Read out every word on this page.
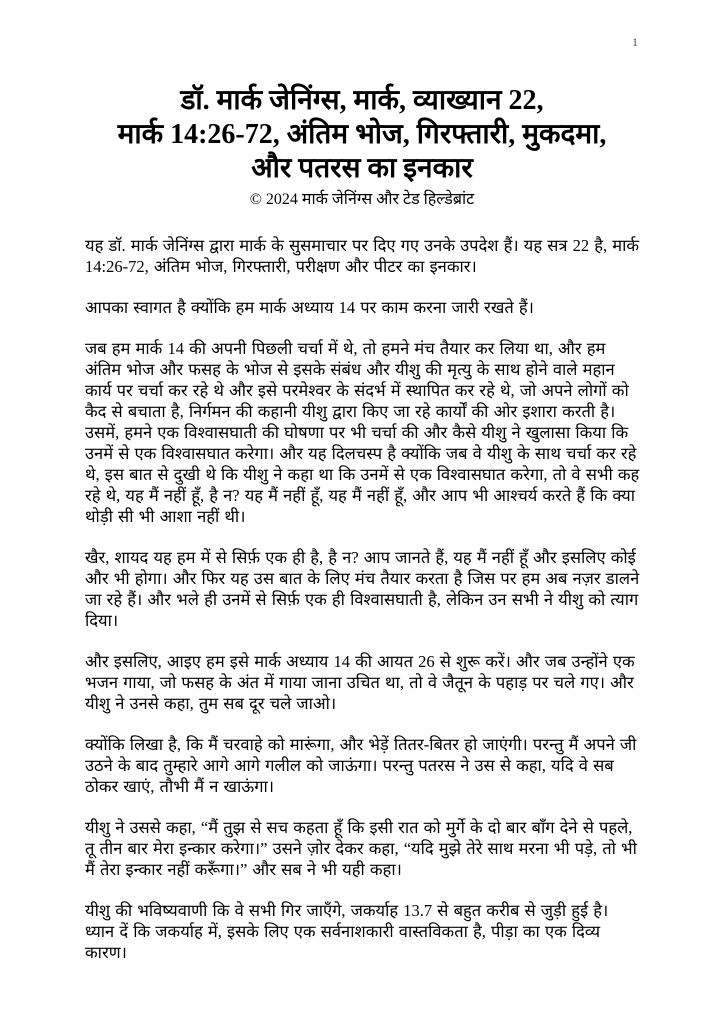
1
डॉ. मार्क जेनिंग्स, मार्क, व्याख्यान 22,
मार्क 14:26-72, अंतिम भोज, गिरफ्तारी, मुकदमा,
और पतरस का इनकार
© 2024 मार्क जेनिंग्स और टेड हिल्डेब्रांट

यह डॉ. मार्क जेनिंग्स द्वारा मार्क के सुसमाचार पर दिए गए उनके उपदेश हैं। यह सत्र 22 है, मार्क 14:26-72, अंतिम भोज, गिरफ्तारी, परीक्षण और पीटर का इनकार।

आपका स्वागत है क्योंकि हम मार्क अध्याय 14 पर काम करना जारी रखते हैं।

जब हम मार्क 14 की अपनी पिछली चर्चा में थे, तो हमने मंच तैयार कर लिया था, और हम अंतिम भोज और फसह के भोज से इसके संबंध और यीशु की मृत्यु के साथ होने वाले महान कार्य पर चर्चा कर रहे थे और इसे परमेश्वर के संदर्भ में स्थापित कर रहे थे, जो अपने लोगों को कैद से बचाता है, निर्गमन की कहानी यीशु द्वारा किए जा रहे कार्यों की ओर इशारा करती है। उसमें, हमने एक विश्वासघाती की घोषणा पर भी चर्चा की और कैसे यीशु ने खुलासा किया कि उनमें से एक विश्वासघात करेगा। और यह दिलचस्प है क्योंकि जब वे यीशु के साथ चर्चा कर रहे थे, इस बात से दुखी थे कि यीशु ने कहा था कि उनमें से एक विश्वासघात करेगा, तो वे सभी कह रहे थे, यह मैं नहीं हूँ, है न? यह मैं नहीं हूँ, यह मैं नहीं हूँ, और आप भी आश्चर्य करते हैं कि क्या थोड़ी सी भी आशा नहीं थी।

खैर, शायद यह हम में से सिर्फ़ एक ही है, है न? आप जानते हैं, यह मैं नहीं हूँ और इसलिए कोई और भी होगा। और फिर यह उस बात के लिए मंच तैयार करता है जिस पर हम अब नज़र डालने जा रहे हैं। और भले ही उनमें से सिर्फ़ एक ही विश्वासघाती है, लेकिन उन सभी ने यीशु को त्याग दिया।

और इसलिए, आइए हम इसे मार्क अध्याय 14 की आयत 26 से शुरू करें। और जब उन्होंने एक भजन गाया, जो फसह के अंत में गाया जाना उचित था, तो वे जैतून के पहाड़ पर चले गए। और यीशु ने उनसे कहा, तुम सब दूर चले जाओ।

क्योंकि लिखा है, कि मैं चरवाहे को मारूंगा, और भेड़ें तितर-बितर हो जाएंगी। परन्तु मैं अपने जी उठने के बाद तुम्हारे आगे आगे गलील को जाऊंगा। परन्तु पतरस ने उस से कहा, यदि वे सब ठोकर खाएं, तौभी मैं न खाऊंगा।

यीशु ने उससे कहा, “मैं तुझ से सच कहता हूँ कि इसी रात को मुर्गे के दो बार बाँग देने से पहले, तू तीन बार मेरा इन्कार करेगा।” उसने ज़ोर देकर कहा, “यदि मुझे तेरे साथ मरना भी पड़े, तो भी मैं तेरा इन्कार नहीं करूँगा।” और सब ने भी यही कहा।

यीशु की भविष्यवाणी कि वे सभी गिर जाएँगे, जकर्याह 13.7 से बहुत करीब से जुड़ी हुई है। ध्यान दें कि जकर्याह में, इसके लिए एक सर्वनाशकारी वास्तविकता है, पीड़ा का एक दिव्य कारण।
